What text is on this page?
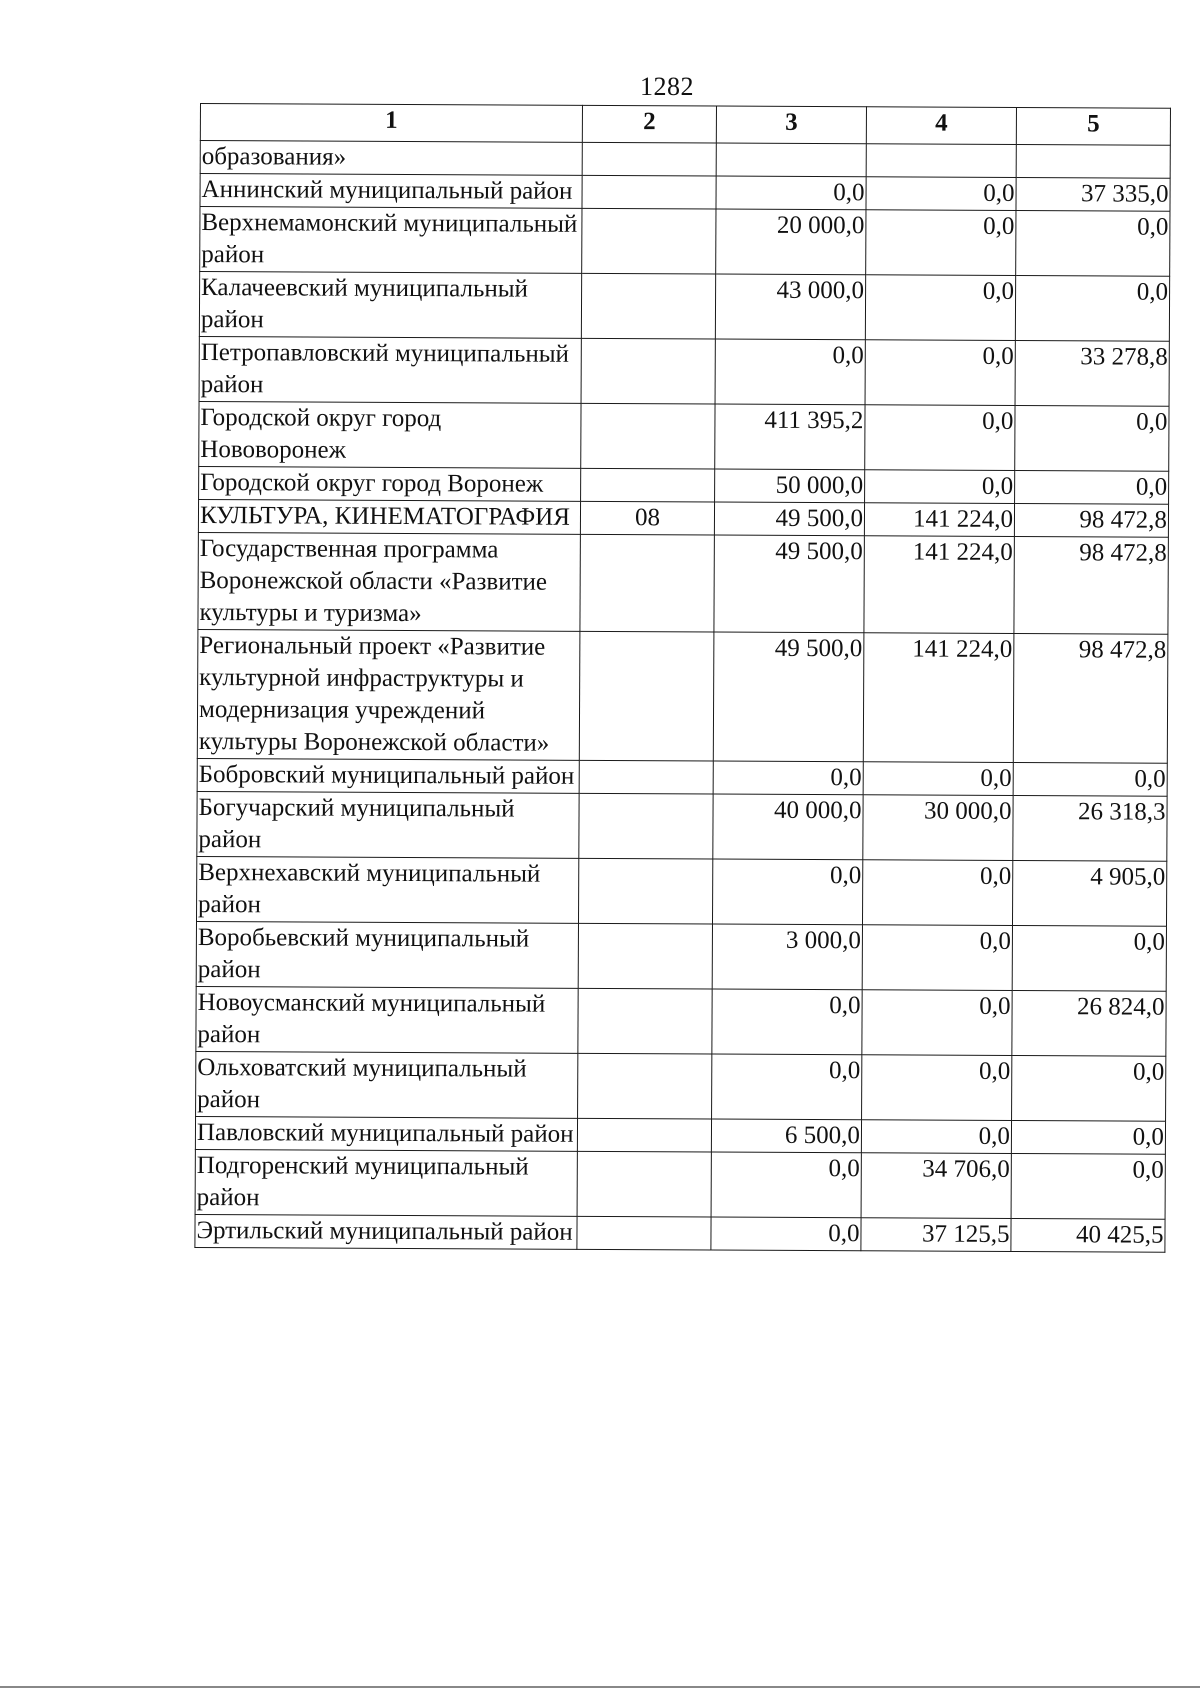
1282
1	2	3	4	5

образования»				

Аннинский муниципальный район		0,0	0,0	37 335,0

Верхнемамонский муниципальный район		20 000,0	0,0	0,0

Калачеевский муниципальный район		43 000,0	0,0	0,0

Петропавловский муниципальный район		0,0	0,0	33 278,8

Городской округ город Нововоронеж		411 395,2	0,0	0,0

Городской округ город Воронеж		50 000,0	0,0	0,0

КУЛЬТУРА, КИНЕМАТОГРАФИЯ	08	49 500,0	141 224,0	98 472,8

Государственная программа Воронежской области «Развитие культуры и туризма»		49 500,0	141 224,0	98 472,8

Региональный проект «Развитие культурной инфраструктуры и модернизация учреждений культуры Воронежской области»		49 500,0	141 224,0	98 472,8

Бобровский муниципальный район		0,0	0,0	0,0

Богучарский муниципальный район		40 000,0	30 000,0	26 318,3

Верхнехавский муниципальный район		0,0	0,0	4 905,0

Воробьевский муниципальный район		3 000,0	0,0	0,0

Новоусманский муниципальный район		0,0	0,0	26 824,0

Ольховатский муниципальный район		0,0	0,0	0,0

Павловский муниципальный район		6 500,0	0,0	0,0

Подгоренский муниципальный район		0,0	34 706,0	0,0

Эртильский муниципальный район		0,0	37 125,5	40 425,5
